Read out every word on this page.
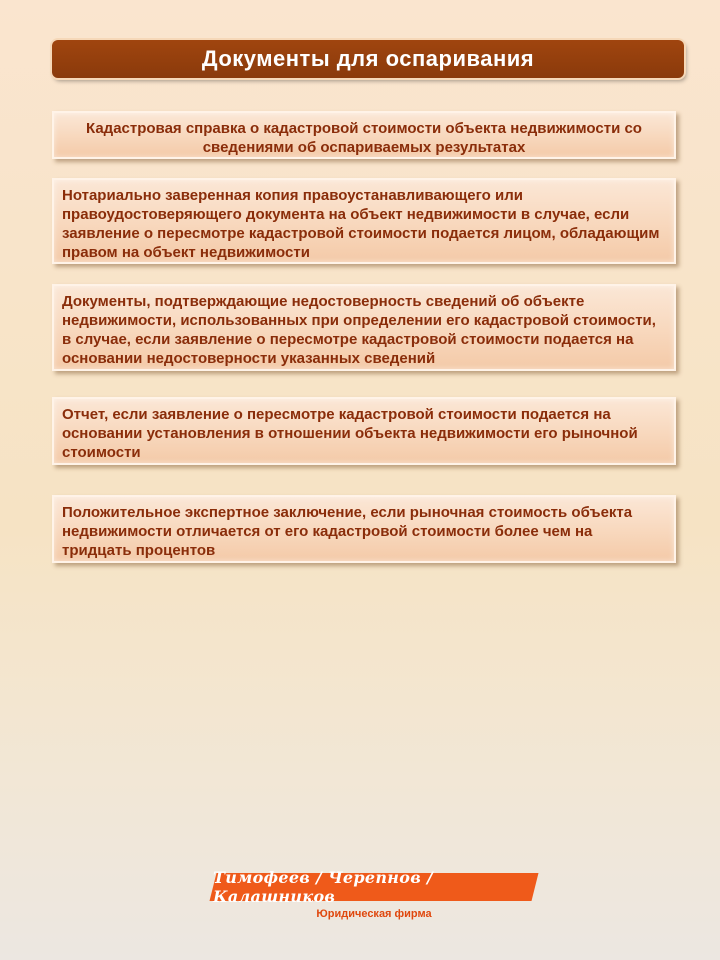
Документы для оспаривания
Кадастровая справка о кадастровой стоимости объекта недвижимости со сведениями об оспариваемых результатах
Нотариально заверенная копия правоустанавливающего или правоудостоверяющего документа на объект недвижимости в случае, если заявление о пересмотре кадастровой стоимости подается лицом, обладающим правом на объект недвижимости
Документы, подтверждающие недостоверность сведений об объекте недвижимости, использованных при определении его кадастровой стоимости, в случае, если заявление о пересмотре кадастровой стоимости подается на основании недостоверности указанных сведений
Отчет, если заявление о пересмотре кадастровой стоимости подается на основании установления в отношении объекта недвижимости его рыночной стоимости
Положительное экспертное заключение, если рыночная стоимость объекта недвижимости отличается от его кадастровой стоимости более чем на тридцать процентов
Тимофеев / Черепнов / Калашников
Юридическая фирма
